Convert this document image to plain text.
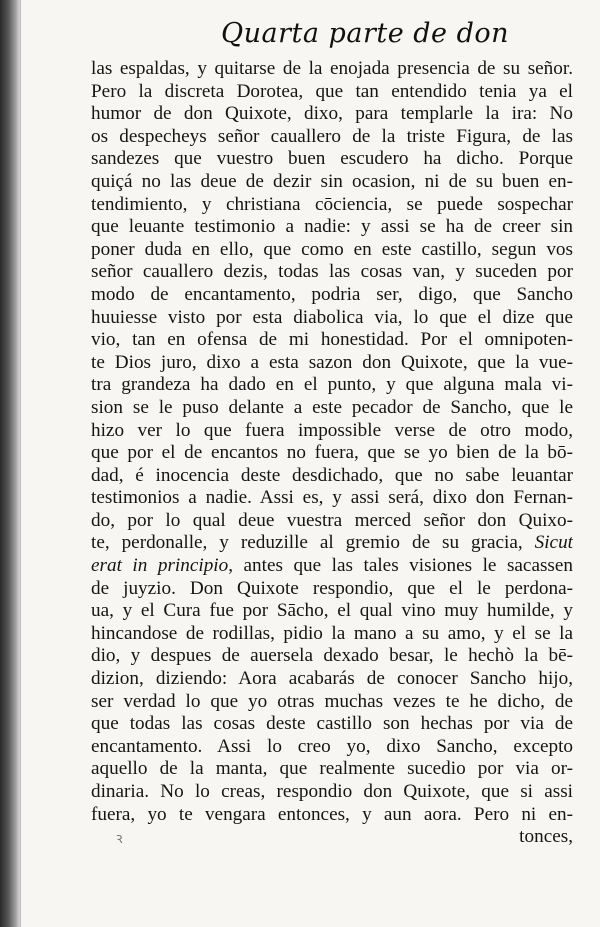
Quarta parte de don
las espaldas, y quitarse de la enojada presencia de su señor.
Pero la discreta Dorotea, que tan entendido tenia ya el
humor de don Quixote, dixo, para templarle la ira: No
os despecheys señor cauallero de la triste Figura, de las
sandezes que vuestro buen escudero ha dicho. Porque
quiçá no las deue de dezir sin ocasion, ni de su buen en-
tendimiento, y christiana cōciencia, se puede sospechar
que leuante testimonio a nadie: y assi se ha de creer sin
poner duda en ello, que como en este castillo, segun vos
señor cauallero dezis, todas las cosas van, y suceden por
modo de encantamento, podria ser, digo, que Sancho
huuiesse visto por esta diabolica via, lo que el dize que
vio, tan en ofensa de mi honestidad. Por el omnipoten-
te Dios juro, dixo a esta sazon don Quixote, que la vue-
tra grandeza ha dado en el punto, y que alguna mala vi-
sion se le puso delante a este pecador de Sancho, que le
hizo ver lo que fuera impossible verse de otro modo,
que por el de encantos no fuera, que se yo bien de la bō-
dad, é inocencia deste desdichado, que no sabe leuantar
testimonios a nadie. Assi es, y assi será, dixo don Fernan-
do, por lo qual deue vuestra merced señor don Quixo-
te, perdonalle, y reduzille al gremio de su gracia, Sicut
erat in principio, antes que las tales visiones le sacassen
de juyzio. Don Quixote respondio, que el le perdona-
ua, y el Cura fue por Sācho, el qual vino muy humilde, y
hincandose de rodillas, pidio la mano a su amo, y el se la
dio, y despues de auersela dexado besar, le hechò la bē-
dizion, diziendo: Aora acabarás de conocer Sancho hijo,
ser verdad lo que yo otras muchas vezes te he dicho, de
que todas las cosas deste castillo son hechas por via de
encantamento. Assi lo creo yo, dixo Sancho, excepto
aquello de la manta, que realmente sucedio por via or-
dinaria. No lo creas, respondio don Quixote, que si assi
fuera, yo te vengara entonces, y aun aora. Pero ni en-
tonces,
Ꝛ
